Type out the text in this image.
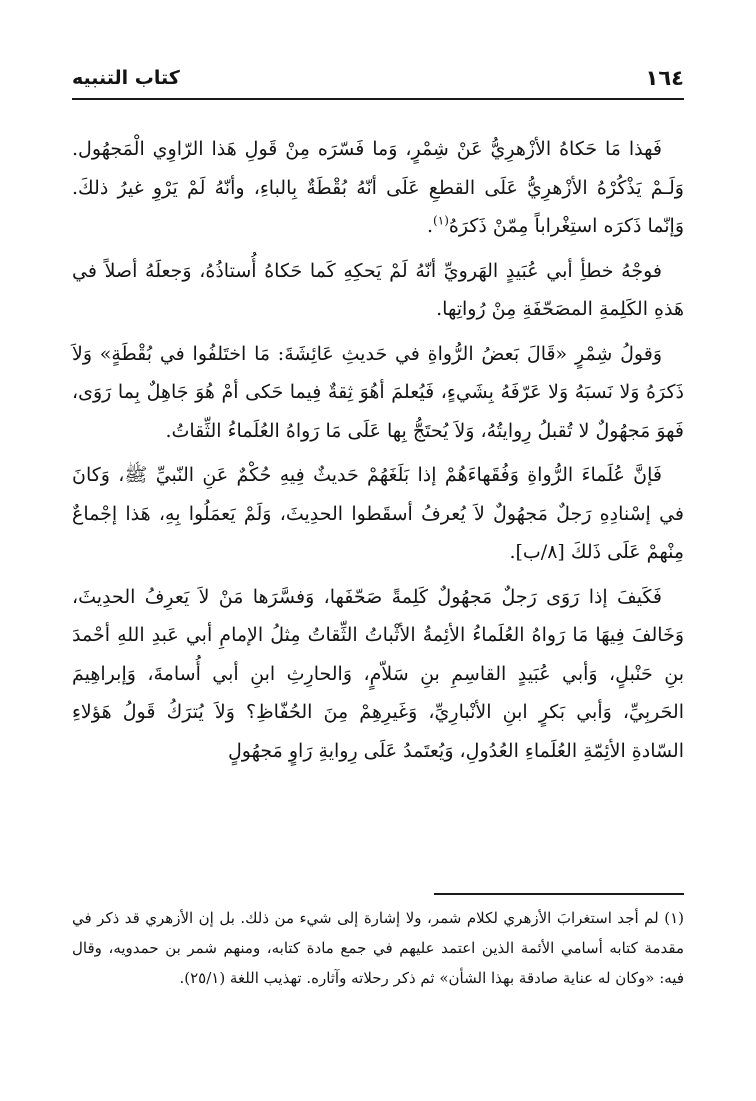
١٦٤
كتاب التنبيه

فَهذا مَا حَكاهُ الأزْهرِيُّ عَنْ شِمْرٍ، وَما فَسّرَه مِنْ قَولِ هَذا الرّاوِي الْمَجهُول. وَلَـمْ يَذْكُرْهُ الأزْهرِيُّ عَلَى القطعِ عَلَى أنّهُ بُقْطَةٌ بِالباءِ، وأنّهُ لَمْ يَرْوِ غيرُ ذلكَ. وَإنّما ذَكرَه استِغْراباً مِمّنْ ذَكرَهُ$^{(١)}$.

فوجْهُ خطأِ أبي عُبَيدٍ الهَرويِّ أنّهُ لَمْ يَحكِهِ كَما حَكاهُ أُستاذُهُ، وَجعلَهُ أصلاً في هَذهِ الكَلِمةِ المصَحّفَةِ مِنْ رُواتِها.

وَقولُ شِمْرٍ «قَالَ بَعضُ الرُّواةِ في حَديثِ عَائِشَةَ: مَا اختَلفُوا في بُقْطَةٍ» وَلاَ ذَكرَهُ وَلا نَسبَهُ وَلا عَرّفَهُ بِشَيءٍ، فَيُعلمَ أهُوَ ثِقةٌ فِيما حَكى أمْ هُوَ جَاهِلٌ بِما رَوَى، فَهوَ مَجهُولٌ لا تُقبلُ رِوايتُهُ، وَلاَ يُحتَجُّ بِها عَلَى مَا رَواهُ العُلَماءُ الثِّقاتُ.

فَإنَّ عُلَماءَ الرُّواةِ وَفُقَهاءَهُمْ إذا بَلَغَهُمْ حَديثٌ فِيهِ حُكْمٌ عَنِ النّبيِّ ﷺ، وَكانَ في إسْنادِهِ رَجلٌ مَجهُولٌ لاَ يُعرفُ أسقَطوا الحدِيثَ، وَلَمْ يَعمَلُوا بِهِ، هَذا إجْماعٌ مِنْهمْ عَلَى ذَلكَ [٨/ب].

فَكَيفَ إذا رَوَى رَجلٌ مَجهُولٌ كَلِمةً صَحّفَها، وَفسَّرَها مَنْ لاَ يَعرِفُ الحدِيثَ، وَخَالفَ فِيهَا مَا رَواهُ العُلَماءُ الأئِمةُ الأثْباتُ الثِّقاتُ مِثلُ الإمامِ أبي عَبدِ اللهِ أحْمدَ بنِ حَنْبلٍ، وَأبي عُبَيدٍ القاسِمِ بنِ سَلاّمٍ، وَالحارِثِ ابنِ أبي أُسامةَ، وَإبراهِيمَ الحَربِيِّ، وَأبي بَكرٍ ابنِ الأنْبارِيِّ، وَغَيرِهِمْ مِنَ الحُفّاظِ؟ وَلاَ يُترَكُ قَولُ هَؤلاءِ السّادةِ الأئِمّةِ العُلَماءِ العُدُولِ، وَيُعتَمدُ عَلَى رِوايةِ رَاوٍ مَجهُولٍ

(١) لم أجد استغرابَ الأزهري لكلام شمر، ولا إشارة إلى شيء من ذلك. بل إن الأزهري قد ذكر في مقدمة كتابه أسامي الأئمة الذين اعتمد عليهم في جمع مادة كتابه، ومنهم شمر بن حمدويه، وقال فيه: «وكان له عناية صادقة بهذا الشأن» ثم ذكر رحلاته وآثاره. تهذيب اللغة (٢٥/١).
